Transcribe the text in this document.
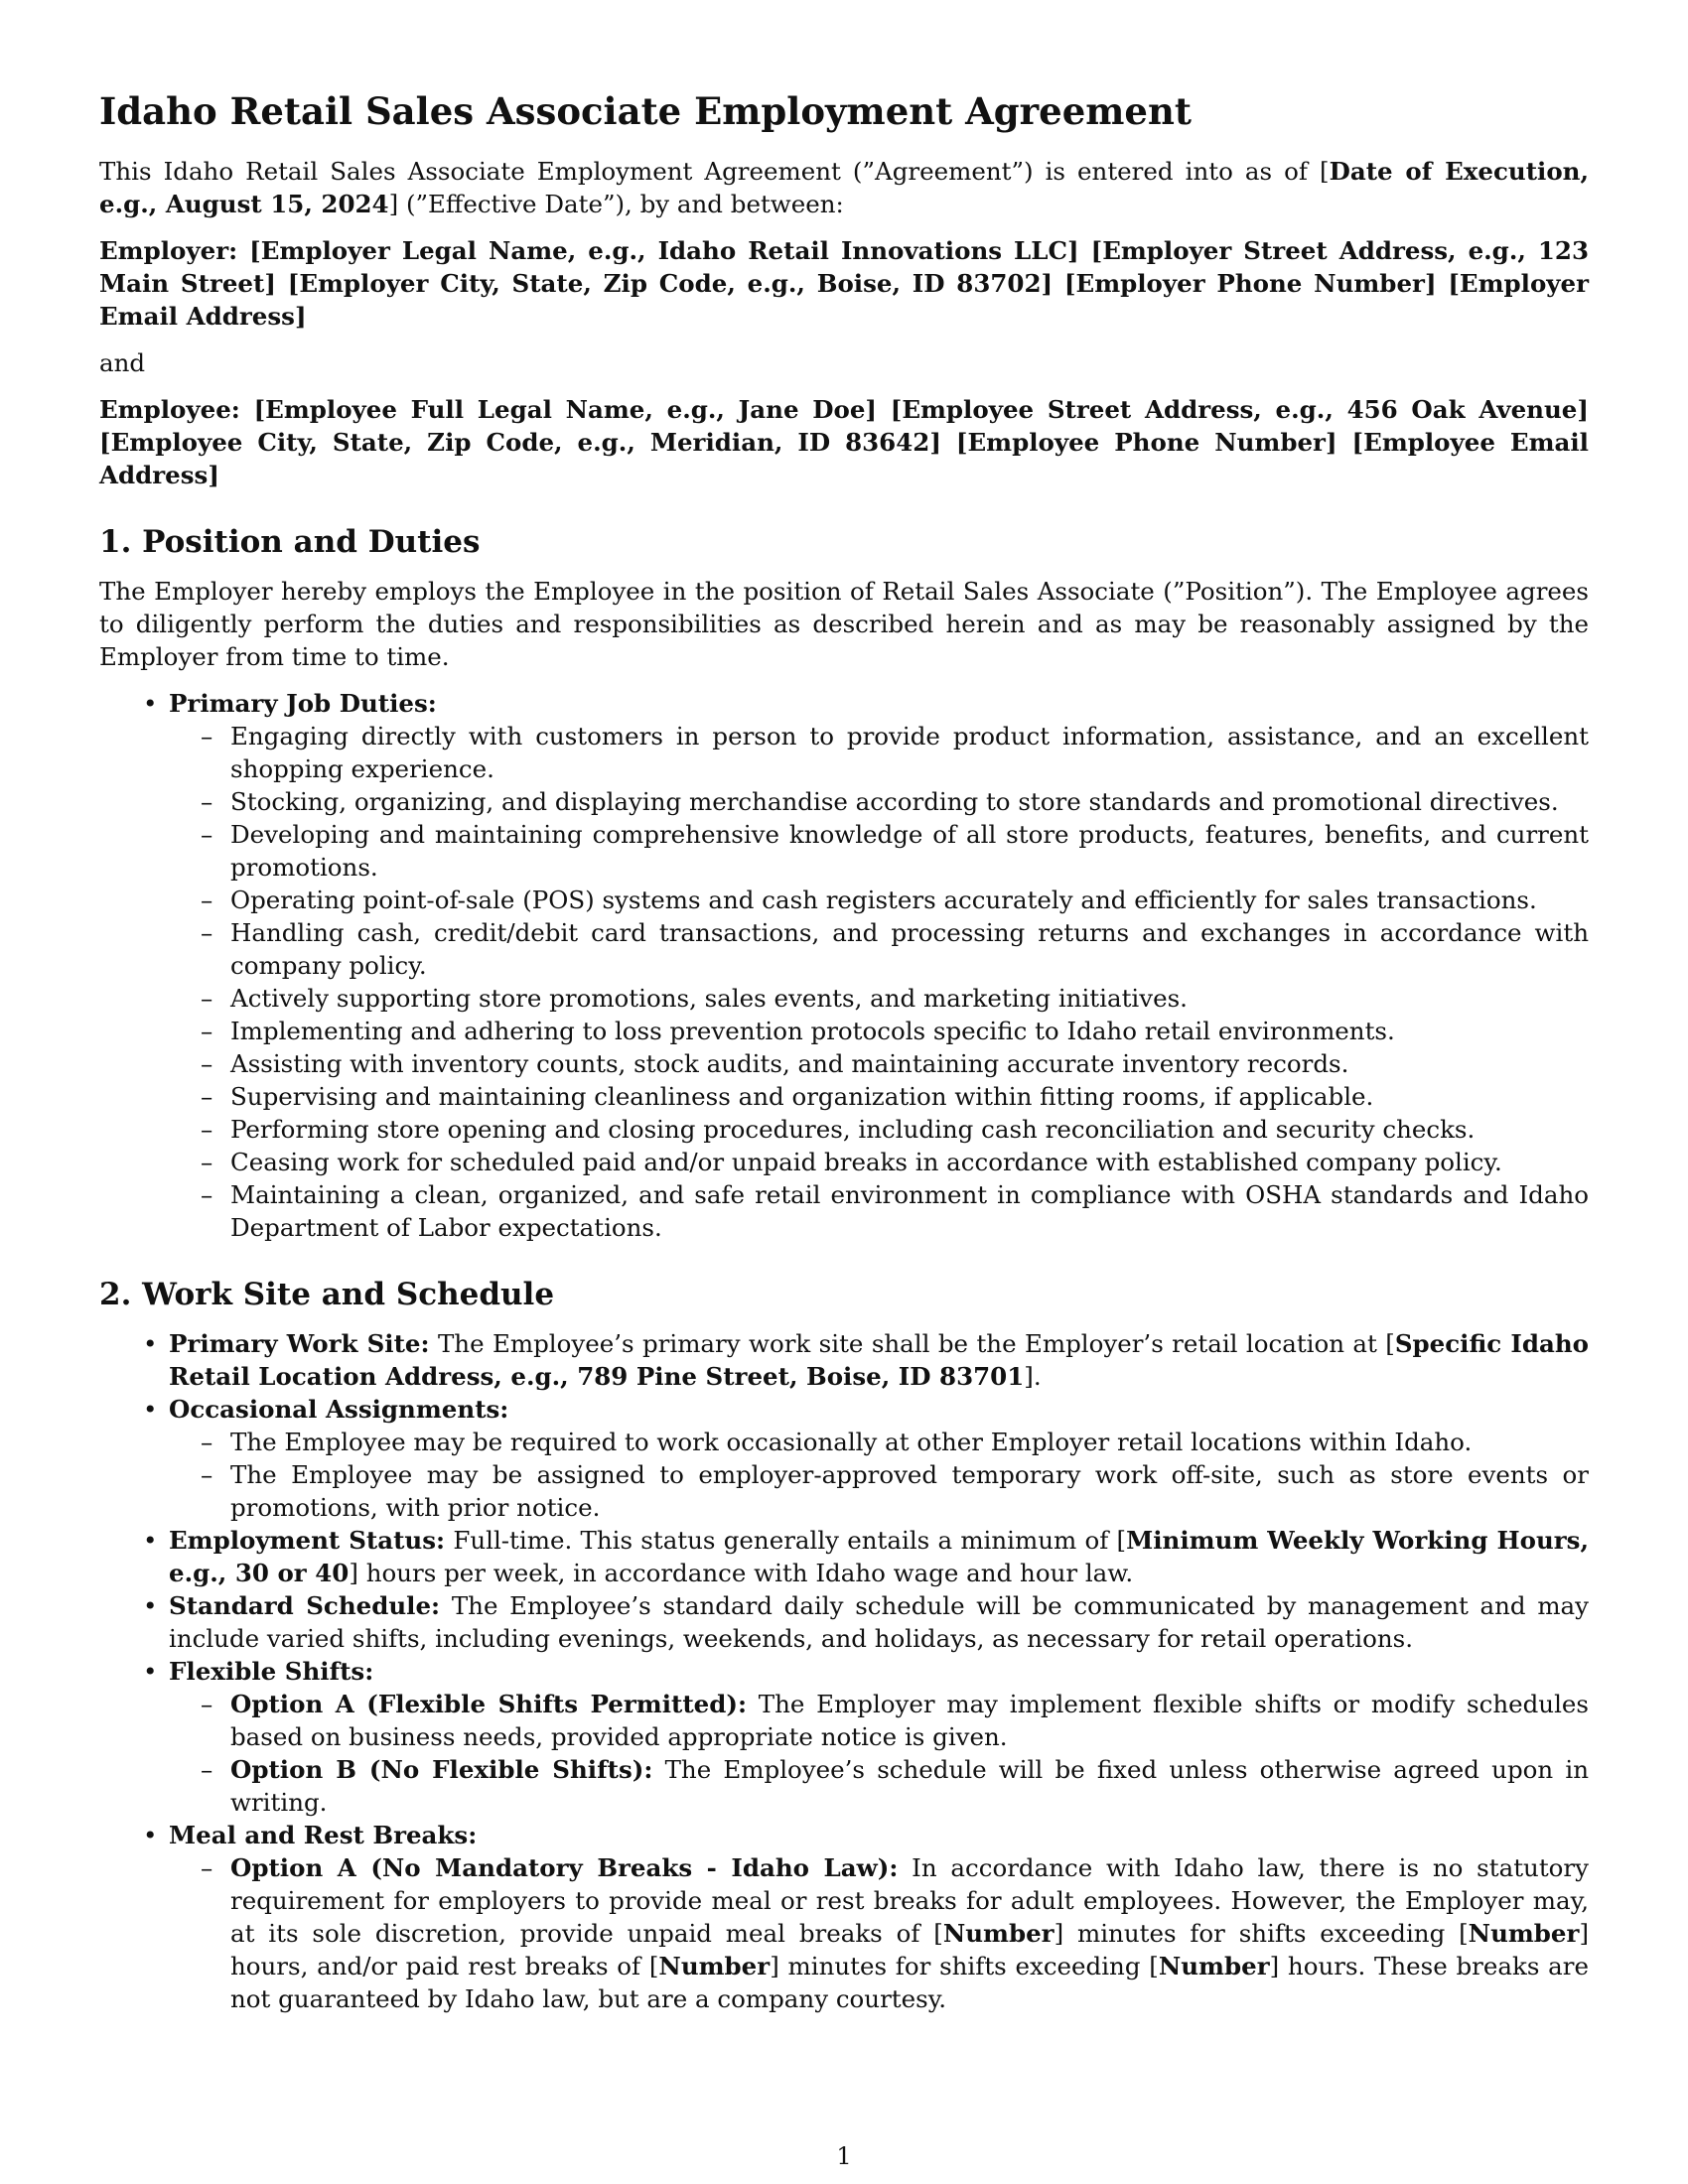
Idaho Retail Sales Associate Employment Agreement

This Idaho Retail Sales Associate Employment Agreement (”Agreement”) is entered into as of [Date of Execution, e.g., August 15, 2024] (”Effective Date”), by and between:

Employer: [Employer Legal Name, e.g., Idaho Retail Innovations LLC] [Employer Street Address, e.g., 123 Main Street] [Employer City, State, Zip Code, e.g., Boise, ID 83702] [Employer Phone Number] [Employer Email Address]

and

Employee: [Employee Full Legal Name, e.g., Jane Doe] [Employee Street Address, e.g., 456 Oak Avenue] [Employee City, State, Zip Code, e.g., Meridian, ID 83642] [Employee Phone Number] [Employee Email Address]

1. Position and Duties

The Employer hereby employs the Employee in the position of Retail Sales Associate (”Position”). The Employee agrees to diligently perform the duties and responsibilities as described herein and as may be reasonably assigned by the Employer from time to time.

• Primary Job Duties:
– Engaging directly with customers in person to provide product information, assistance, and an excellent shopping experience.
– Stocking, organizing, and displaying merchandise according to store standards and promotional directives.
– Developing and maintaining comprehensive knowledge of all store products, features, benefits, and current promotions.
– Operating point-of-sale (POS) systems and cash registers accurately and efficiently for sales transactions.
– Handling cash, credit/debit card transactions, and processing returns and exchanges in accordance with company policy.
– Actively supporting store promotions, sales events, and marketing initiatives.
– Implementing and adhering to loss prevention protocols specific to Idaho retail environments.
– Assisting with inventory counts, stock audits, and maintaining accurate inventory records.
– Supervising and maintaining cleanliness and organization within fitting rooms, if applicable.
– Performing store opening and closing procedures, including cash reconciliation and security checks.
– Ceasing work for scheduled paid and/or unpaid breaks in accordance with established company policy.
– Maintaining a clean, organized, and safe retail environment in compliance with OSHA standards and Idaho Department of Labor expectations.
2. Work Site and Schedule
• Primary Work Site: The Employee’s primary work site shall be the Employer’s retail location at [Specific Idaho Retail Location Address, e.g., 789 Pine Street, Boise, ID 83701].
• Occasional Assignments:
– The Employee may be required to work occasionally at other Employer retail locations within Idaho.
– The Employee may be assigned to employer-approved temporary work off-site, such as store events or promotions, with prior notice.
• Employment Status: Full-time. This status generally entails a minimum of [Minimum Weekly Working Hours, e.g., 30 or 40] hours per week, in accordance with Idaho wage and hour law.
• Standard Schedule: The Employee’s standard daily schedule will be communicated by management and may include varied shifts, including evenings, weekends, and holidays, as necessary for retail operations.
• Flexible Shifts:
– Option A (Flexible Shifts Permitted): The Employer may implement flexible shifts or modify schedules based on business needs, provided appropriate notice is given.
– Option B (No Flexible Shifts): The Employee’s schedule will be fixed unless otherwise agreed upon in writing.
• Meal and Rest Breaks:
– Option A (No Mandatory Breaks - Idaho Law): In accordance with Idaho law, there is no statutory requirement for employers to provide meal or rest breaks for adult employees. However, the Employer may, at its sole discretion, provide unpaid meal breaks of [Number] minutes for shifts exceeding [Number] hours, and/or paid rest breaks of [Number] minutes for shifts exceeding [Number] hours. These breaks are not guaranteed by Idaho law, but are a company courtesy.
1
